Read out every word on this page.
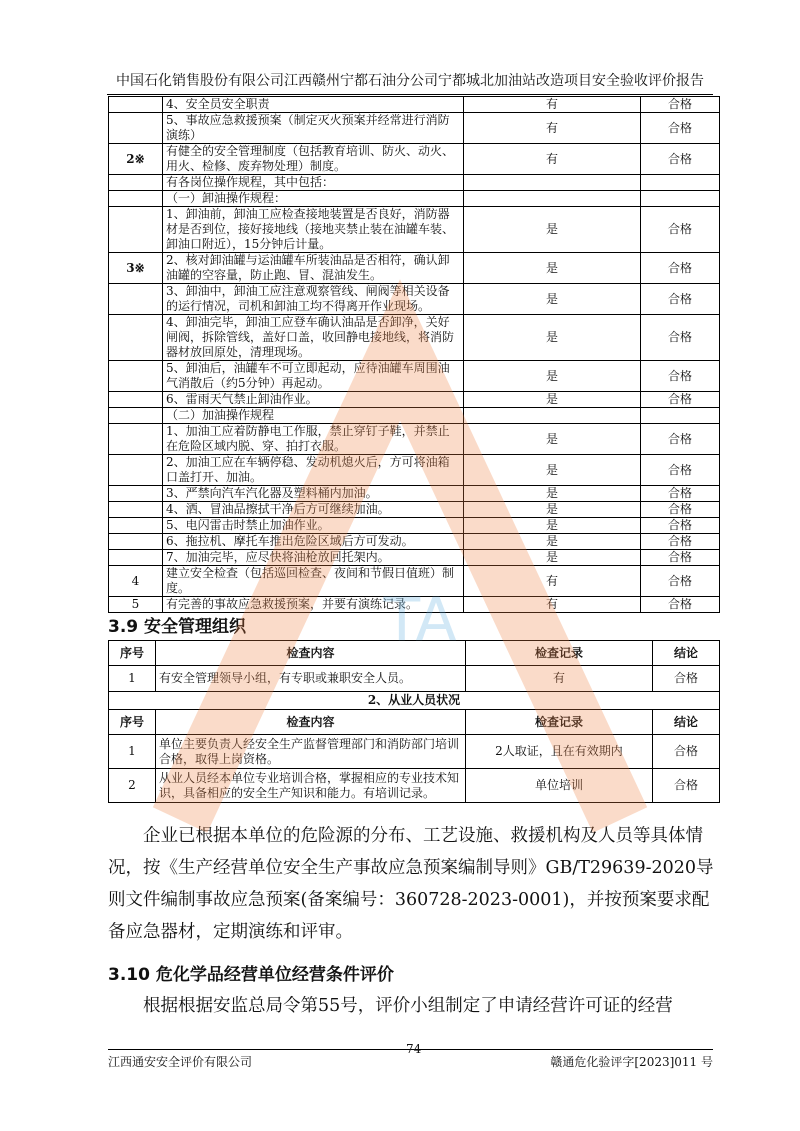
中国石化销售股份有限公司江西赣州宁都石油分公司宁都城北加油站改造项目安全验收评价报告
	4、安全员安全职责	有	合格
	5、事故应急救援预案（制定灭火预案并经常进行消防演练）	有	合格
2※	有健全的安全管理制度（包括教育培训、防火、动火、用火、检修、废弃物处理）制度。	有	合格
	有各岗位操作规程，其中包括：		
	（一）卸油操作规程：		
	1、卸油前，卸油工应检查接地装置是否良好，消防器材是否到位，接好接地线（接地夹禁止装在油罐车装、卸油口附近），15分钟后计量。	是	合格
3※	2、核对卸油罐与运油罐车所装油品是否相符，确认卸油罐的空容量，防止跑、冒、混油发生。	是	合格
	3、卸油中，卸油工应注意观察管线、闸阀等相关设备的运行情况，司机和卸油工均不得离开作业现场。	是	合格
	4、卸油完毕，卸油工应登车确认油品是否卸净，关好闸阀，拆除管线，盖好口盖，收回静电接地线，将消防器材放回原处，清理现场。	是	合格
	5、卸油后，油罐车不可立即起动，应待油罐车周围油气消散后（约5分钟）再起动。	是	合格
	6、雷雨天气禁止卸油作业。	是	合格
	（二）加油操作规程		
	1、加油工应着防静电工作服，禁止穿钉子鞋，并禁止在危险区域内脱、穿、拍打衣服。	是	合格
	2、加油工应在车辆停稳、发动机熄火后，方可将油箱口盖打开、加油。	是	合格
	3、严禁向汽车汽化器及塑料桶内加油。	是	合格
	4、洒、冒油品擦拭干净后方可继续加油。	是	合格
	5、电闪雷击时禁止加油作业。	是	合格
	6、拖拉机、摩托车推出危险区域后方可发动。	是	合格
	7、加油完毕，应尽快将油枪放回托架内。	是	合格
4	建立安全检查（包括巡回检查、夜间和节假日值班）制度。	有	合格
5	有完善的事故应急救援预案，并要有演练记录。	有	合格
3.9 安全管理组织
序号	检查内容	检查记录	结论
1	有安全管理领导小组，有专职或兼职安全人员。	有	合格
2、从业人员状况			
序号	检查内容	检查记录	结论
1	单位主要负责人经安全生产监督管理部门和消防部门培训合格，取得上岗资格。	2人取证，且在有效期内	合格
2	从业人员经本单位专业培训合格，掌握相应的专业技术知识，具备相应的安全生产知识和能力。有培训记录。	单位培训	合格

企业已根据本单位的危险源的分布、工艺设施、救援机构及人员等具体情况，按《生产经营单位安全生产事故应急预案编制导则》GB/T29639-2020导则文件编制事故应急预案(备案编号：360728-2023-0001)，并按预案要求配备应急器材，定期演练和评审。

3.10 危化学品经营单位经营条件评价

根据根据安监总局令第55号，评价小组制定了申请经营许可证的经营

江西通安安全评价有限公司
74
赣通危化验评字[2023]011 号
TA
